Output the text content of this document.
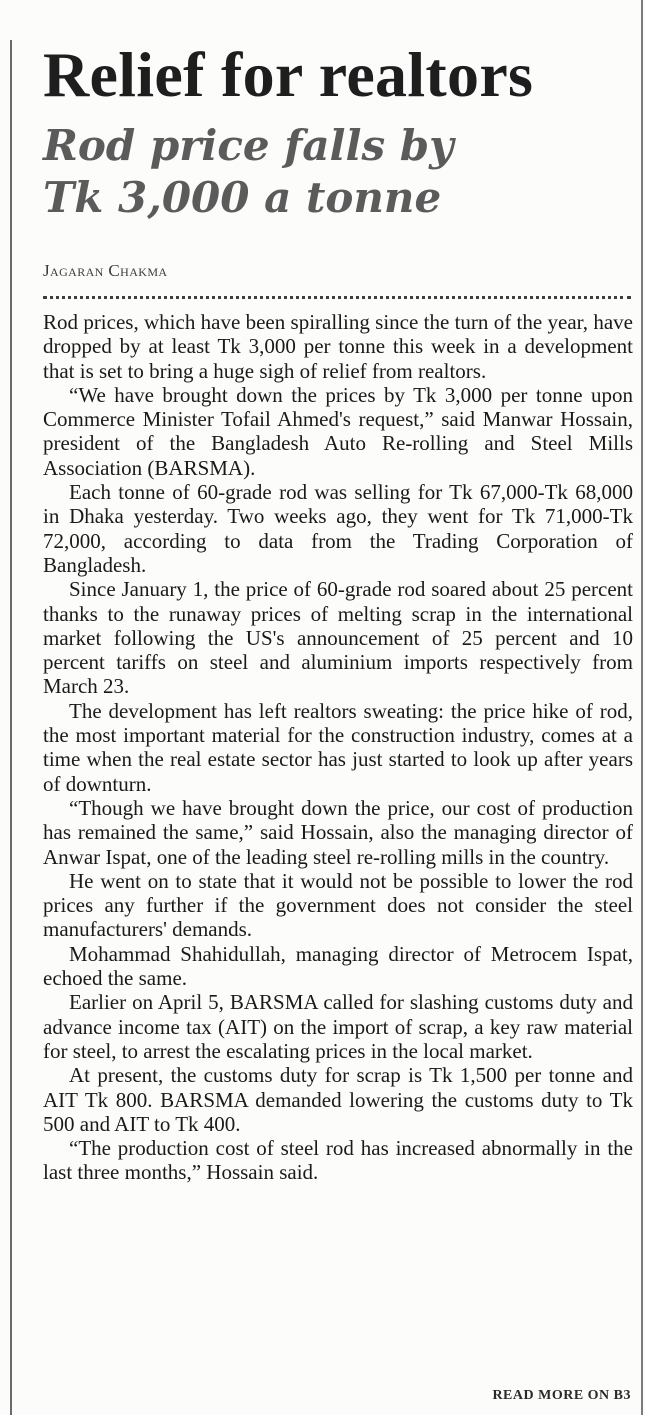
Relief for realtors
Rod price falls by
Tk 3,000 a tonne
Jagaran Chakma

Rod prices, which have been spiralling since the turn of the year, have dropped by at least Tk 3,000 per tonne this week in a development that is set to bring a huge sigh of relief from realtors.

“We have brought down the prices by Tk 3,000 per tonne upon Commerce Minister Tofail Ahmed's request,” said Manwar Hossain, president of the Bangladesh Auto Re-rolling and Steel Mills Association (BARSMA).

Each tonne of 60-grade rod was selling for Tk 67,000-Tk 68,000 in Dhaka yesterday. Two weeks ago, they went for Tk 71,000-Tk 72,000, according to data from the Trading Corporation of Bangladesh.

Since January 1, the price of 60-grade rod soared about 25 percent thanks to the runaway prices of melting scrap in the international market following the US's announcement of 25 percent and 10 percent tariffs on steel and aluminium imports respectively from March 23.

The development has left realtors sweating: the price hike of rod, the most important material for the construction industry, comes at a time when the real estate sector has just started to look up after years of downturn.

“Though we have brought down the price, our cost of production has remained the same,” said Hossain, also the managing director of Anwar Ispat, one of the leading steel re-rolling mills in the country.

He went on to state that it would not be possible to lower the rod prices any further if the government does not consider the steel manufacturers' demands.

Mohammad Shahidullah, managing director of Metrocem Ispat, echoed the same.

Earlier on April 5, BARSMA called for slashing customs duty and advance income tax (AIT) on the import of scrap, a key raw material for steel, to arrest the escalating prices in the local market.

At present, the customs duty for scrap is Tk 1,500 per tonne and AIT Tk 800. BARSMA demanded lowering the customs duty to Tk 500 and AIT to Tk 400.

“The production cost of steel rod has increased abnormally in the last three months,” Hossain said.

READ MORE ON B3
